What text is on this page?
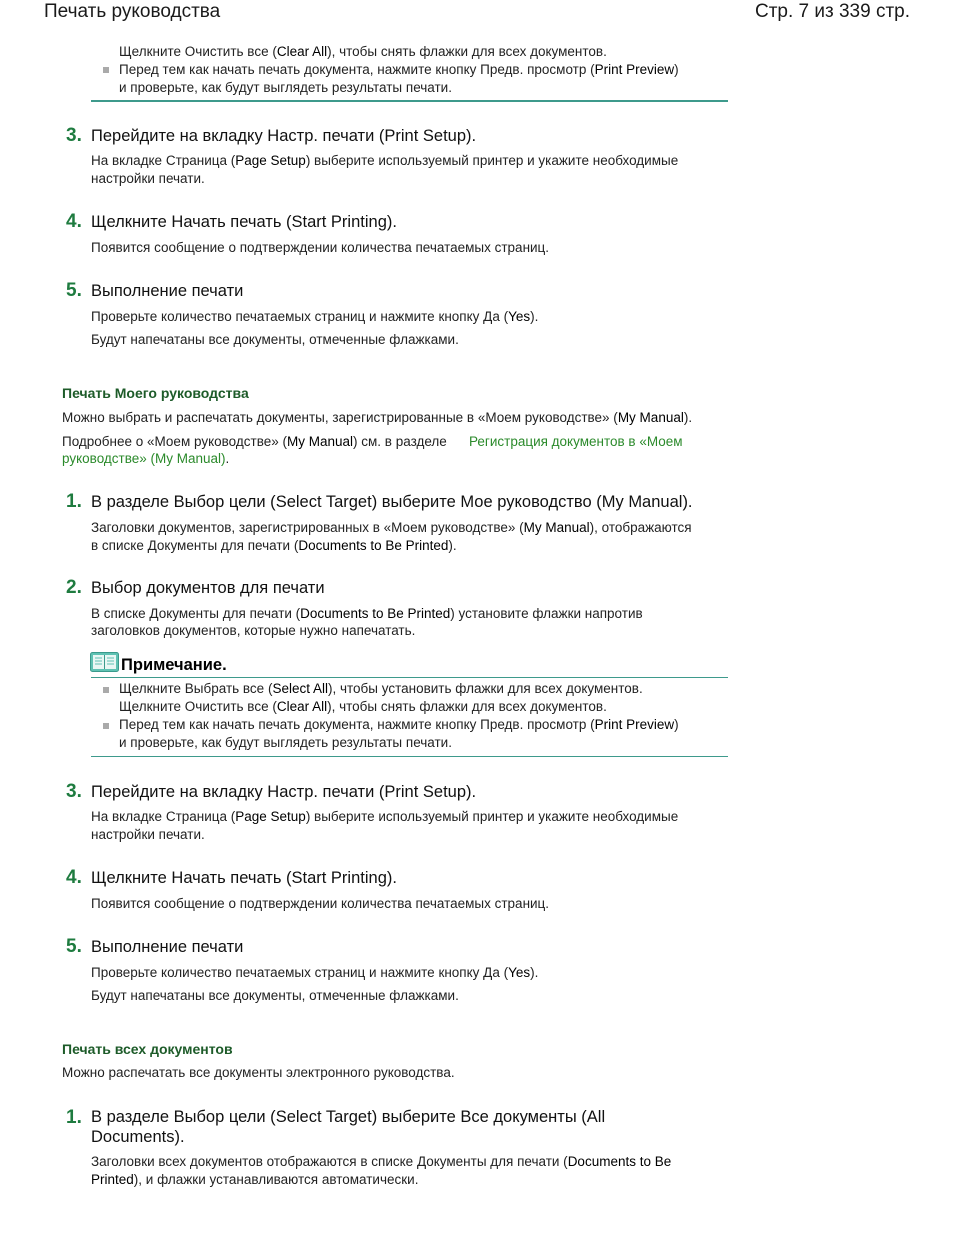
Печать руководства	Стр. 7 из 339 стр.
Щелкните Очистить все (Clear All), чтобы снять флажки для всех документов.
Перед тем как начать печать документа, нажмите кнопку Предв. просмотр (Print Preview)
и проверьте, как будут выглядеть результаты печати.
3. Перейдите на вкладку Настр. печати (Print Setup).
На вкладке Страница (Page Setup) выберите используемый принтер и укажите необходимые
настройки печати.
4. Щелкните Начать печать (Start Printing).
Появится сообщение о подтверждении количества печатаемых страниц.
5. Выполнение печати
Проверьте количество печатаемых страниц и нажмите кнопку Да (Yes).
Будут напечатаны все документы, отмеченные флажками.
Печать Моего руководства
Можно выбрать и распечатать документы, зарегистрированные в «Моем руководстве» (My Manual).
Подробнее о «Моем руководстве» (My Manual) см. в разделе Регистрация документов в «Моем
руководстве» (My Manual).
1. В разделе Выбор цели (Select Target) выберите Мое руководство (My Manual).
Заголовки документов, зарегистрированных в «Моем руководстве» (My Manual), отображаются
в списке Документы для печати (Documents to Be Printed).
2. Выбор документов для печати
В списке Документы для печати (Documents to Be Printed) установите флажки напротив
заголовков документов, которые нужно напечатать.
Примечание.
Щелкните Выбрать все (Select All), чтобы установить флажки для всех документов.
Щелкните Очистить все (Clear All), чтобы снять флажки для всех документов.
Перед тем как начать печать документа, нажмите кнопку Предв. просмотр (Print Preview)
и проверьте, как будут выглядеть результаты печати.
3. Перейдите на вкладку Настр. печати (Print Setup).
На вкладке Страница (Page Setup) выберите используемый принтер и укажите необходимые
настройки печати.
4. Щелкните Начать печать (Start Printing).
Появится сообщение о подтверждении количества печатаемых страниц.
5. Выполнение печати
Проверьте количество печатаемых страниц и нажмите кнопку Да (Yes).
Будут напечатаны все документы, отмеченные флажками.
Печать всех документов
Можно распечатать все документы электронного руководства.
1. В разделе Выбор цели (Select Target) выберите Все документы (All
Documents).
Заголовки всех документов отображаются в списке Документы для печати (Documents to Be
Printed), и флажки устанавливаются автоматически.
